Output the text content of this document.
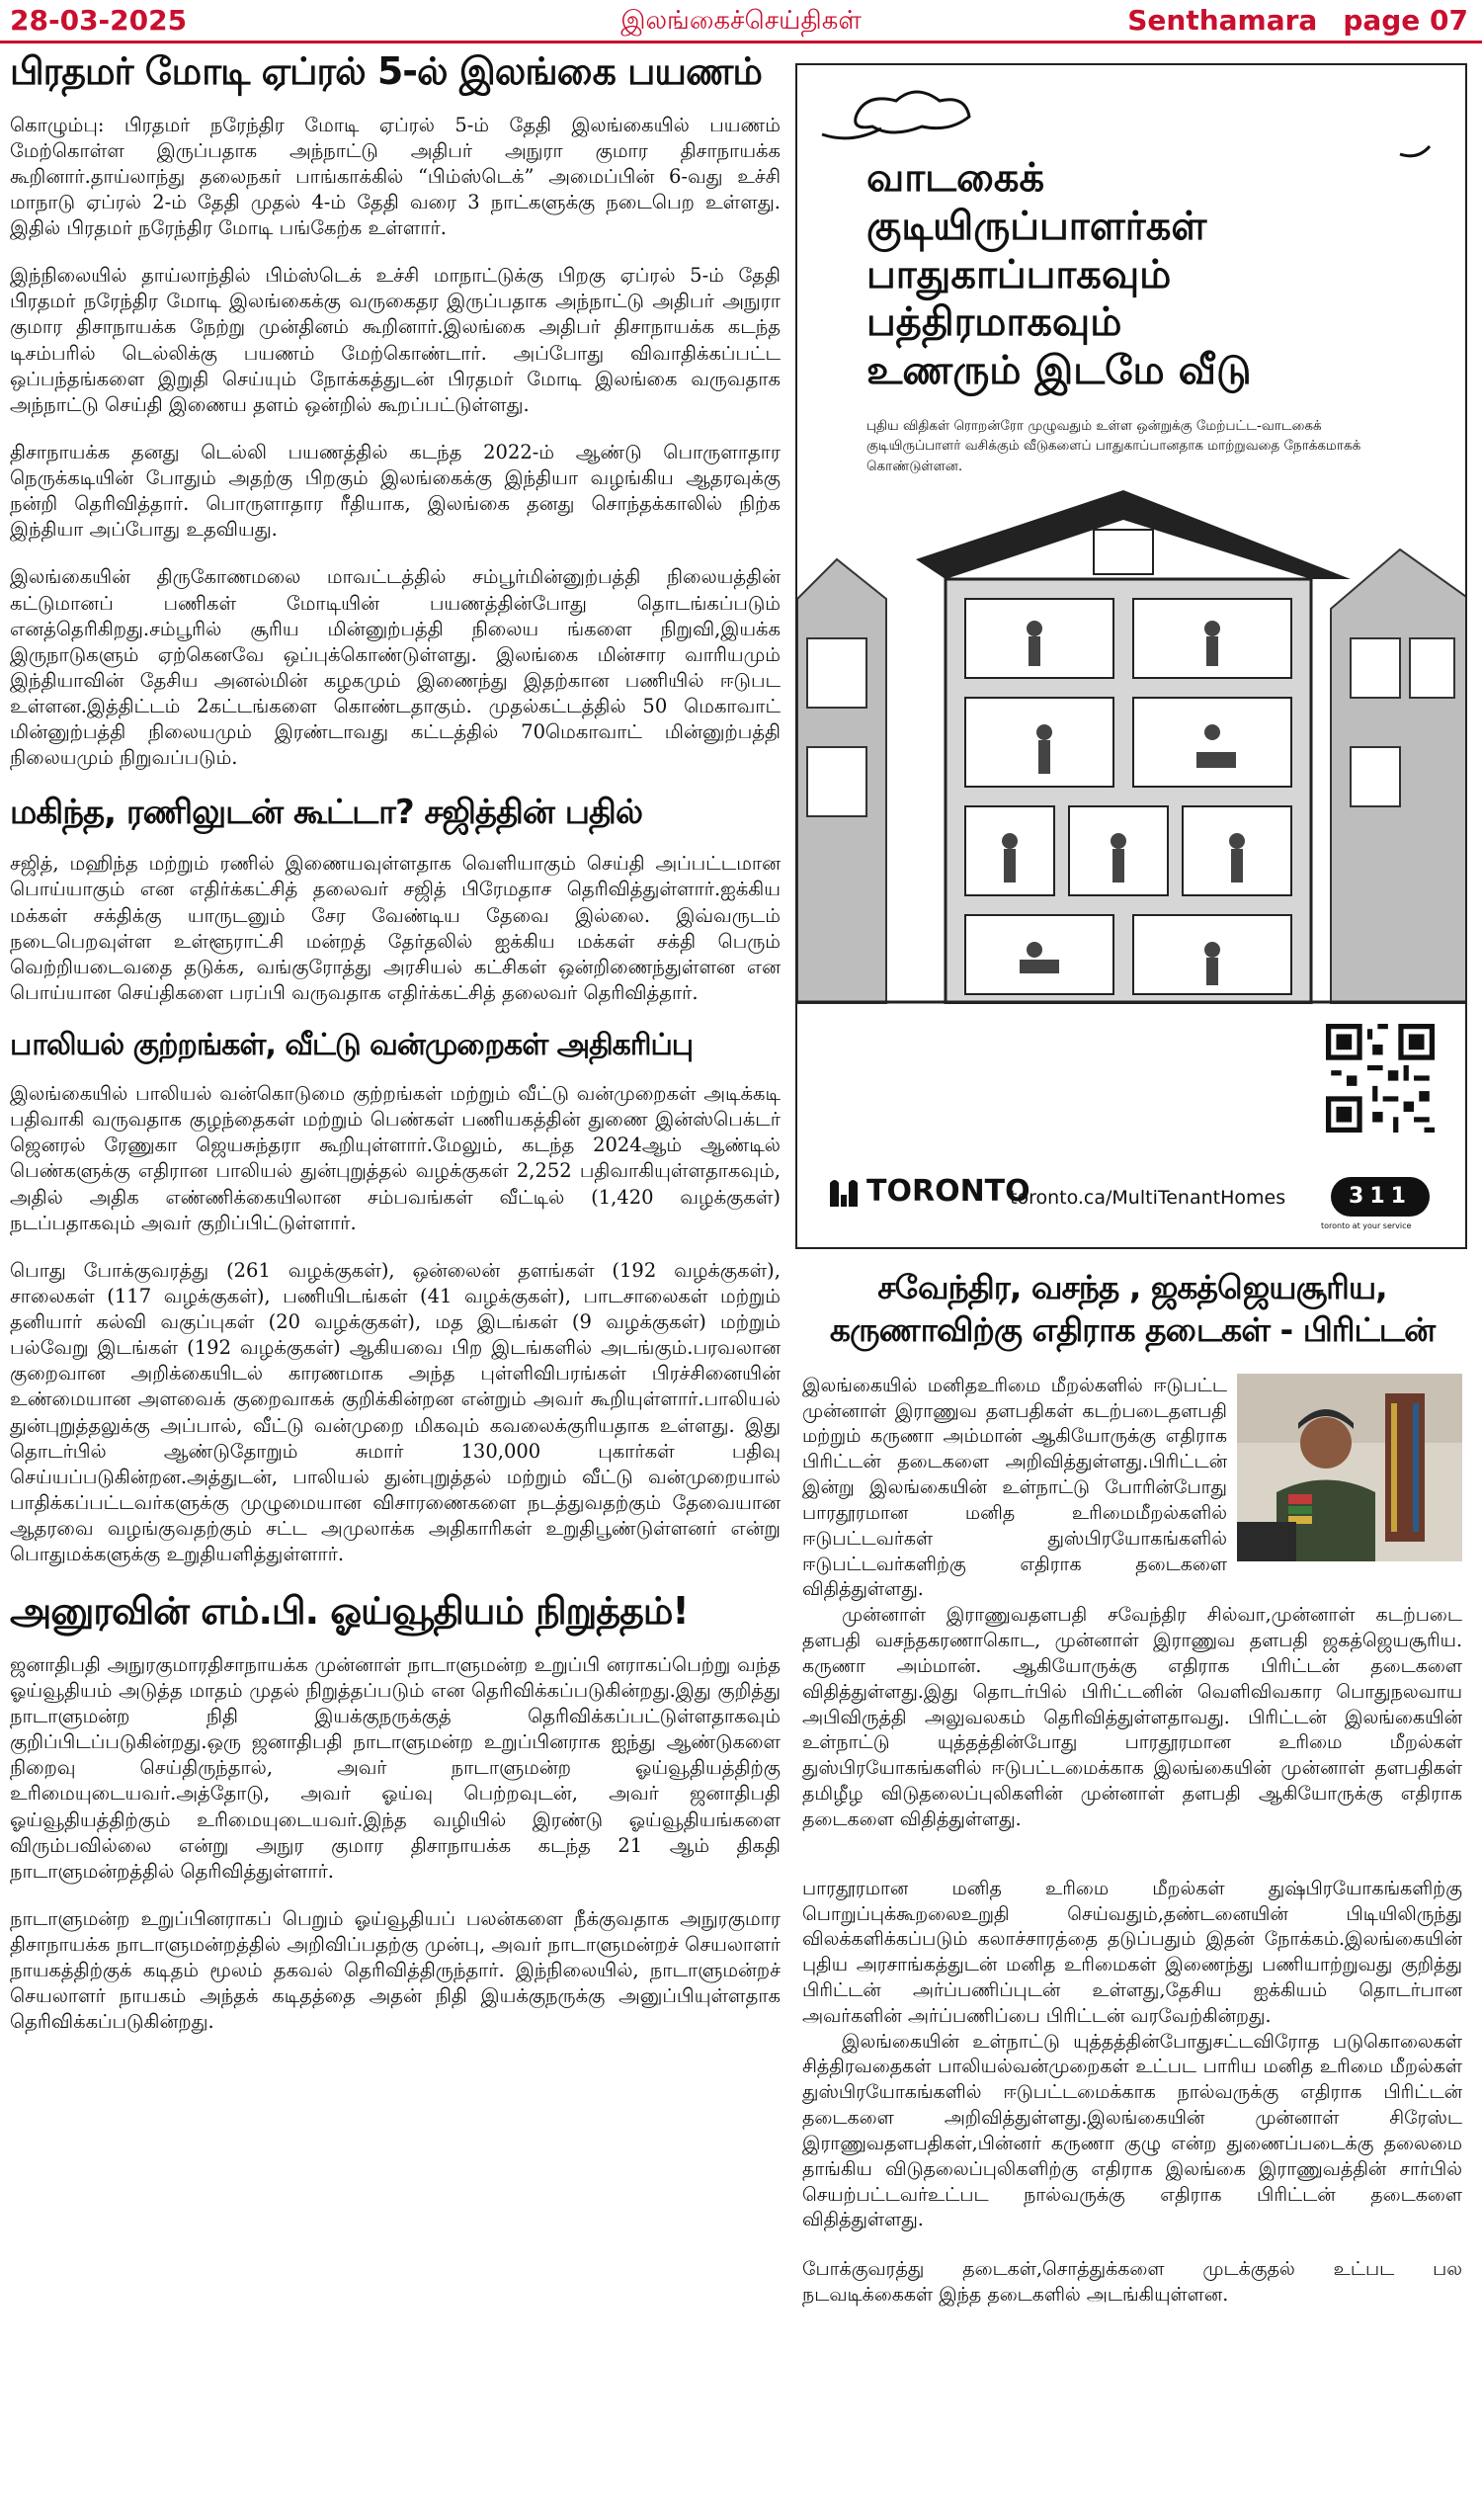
28-03-2025	இலங்கைச்செய்திகள்	Senthamara page 07
பிரதமர் மோடி ஏப்ரல் 5-ல் இலங்கை பயணம்

கொழும்பு: பிரதமர் நரேந்திர மோடி ஏப்ரல் 5-ம் தேதி இலங்கையில் பயணம் மேற்கொள்ள இருப்பதாக அந்நாட்டு அதிபர் அநுரா குமார திசாநாயக்க கூறினார்.தாய்லாந்து தலைநகர் பாங்காக்கில் “பிம்ஸ்டெக்” அமைப்பின் 6-வது உச்சி மாநாடு ஏப்ரல் 2-ம் தேதி முதல் 4-ம் தேதி வரை 3 நாட்களுக்கு நடைபெற உள்ளது. இதில் பிரதமர் நரேந்திர மோடி பங்கேற்க உள்ளார்.

இந்நிலையில் தாய்லாந்தில் பிம்ஸ்டெக் உச்சி மாநாட்டுக்கு பிறகு ஏப்ரல் 5-ம் தேதி பிரதமர் நரேந்திர மோடி இலங்கைக்கு வருகைதர இருப்பதாக அந்நாட்டு அதிபர் அநுரா குமார திசாநாயக்க நேற்று முன்தினம் கூறினார்.இலங்கை அதிபர் திசாநாயக்க கடந்த டிசம்பரில் டெல்லிக்கு பயணம் மேற்கொண்டார். அப்போது விவாதிக்கப்பட்ட ஒப்பந்தங்களை இறுதி செய்யும் நோக்கத்துடன் பிரதமர் மோடி இலங்கை வருவதாக அந்நாட்டு செய்தி இணைய தளம் ஒன்றில் கூறப்பட்டுள்ளது.

திசாநாயக்க தனது டெல்லி பயணத்தில் கடந்த 2022-ம் ஆண்டு பொருளாதார நெருக்கடியின் போதும் அதற்கு பிறகும் இலங்கைக்கு இந்தியா வழங்கிய ஆதரவுக்கு நன்றி தெரிவித்தார். பொருளாதார ரீதியாக, இலங்கை தனது சொந்தக்காலில் நிற்க இந்தியா அப்போது உதவியது.

இலங்கையின் திருகோணமலை மாவட்டத்தில் சம்பூர்மின்னுற்பத்தி நிலையத்தின் கட்டுமானப் பணிகள் மோடியின் பயணத்தின்போது தொடங்கப்படும் எனத்தெரிகிறது.சம்பூரில் சூரிய மின்னுற்பத்தி நிலைய ங்களை நிறுவி,இயக்க இருநாடுகளும் ஏற்கெனவே ஒப்புக்கொண்டுள்ளது. இலங்கை மின்சார வாரியமும் இந்தியாவின் தேசிய அனல்மின் கழகமும் இணைந்து இதற்கான பணியில் ஈடுபட உள்ளன.இத்திட்டம் 2கட்டங்களை கொண்டதாகும். முதல்கட்டத்தில் 50 மெகாவாட் மின்னுற்பத்தி நிலையமும் இரண்டாவது கட்டத்தில் 70மெகாவாட் மின்னுற்பத்தி நிலையமும் நிறுவப்படும்.

மகிந்த, ரணிலுடன் கூட்டா? சஜித்தின் பதில்

சஜித், மஹிந்த மற்றும் ரணில் இணையவுள்ளதாக வெளியாகும் செய்தி அப்பட்டமான பொய்யாகும் என எதிர்க்கட்சித் தலைவர் சஜித் பிரேமதாச தெரிவித்துள்ளார்.ஐக்கிய மக்கள் சக்திக்கு யாருடனும் சேர வேண்டிய தேவை இல்லை. இவ்வருடம் நடைபெறவுள்ள உள்ளூராட்சி மன்றத் தேர்தலில் ஐக்கிய மக்கள் சக்தி பெரும் வெற்றியடைவதை தடுக்க, வங்குரோத்து அரசியல் கட்சிகள் ஒன்றிணைந்துள்ளன என பொய்யான செய்திகளை பரப்பி வருவதாக எதிர்க்கட்சித் தலைவர் தெரிவித்தார்.

பாலியல் குற்றங்கள், வீட்டு வன்முறைகள் அதிகரிப்பு

இலங்கையில் பாலியல் வன்கொடுமை குற்றங்கள் மற்றும் வீட்டு வன்முறைகள் அடிக்கடி பதிவாகி வருவதாக குழந்தைகள் மற்றும் பெண்கள் பணியகத்தின் துணை இன்ஸ்பெக்டர் ஜெனரல் ரேணுகா ஜெயசுந்தரா கூறியுள்ளார்.மேலும், கடந்த 2024ஆம் ஆண்டில் பெண்களுக்கு எதிரான பாலியல் துன்புறுத்தல் வழக்குகள் 2,252 பதிவாகியுள்ளதாகவும், அதில் அதிக எண்ணிக்கையிலான சம்பவங்கள் வீட்டில் (1,420 வழக்குகள்) நடப்பதாகவும் அவர் குறிப்பிட்டுள்ளார்.

பொது போக்குவரத்து (261 வழக்குகள்), ஒன்லைன் தளங்கள் (192 வழக்குகள்), சாலைகள் (117 வழக்குகள்), பணியிடங்கள் (41 வழக்குகள்), பாடசாலைகள் மற்றும் தனியார் கல்வி வகுப்புகள் (20 வழக்குகள்), மத இடங்கள் (9 வழக்குகள்) மற்றும் பல்வேறு இடங்கள் (192 வழக்குகள்) ஆகியவை பிற இடங்களில் அடங்கும்.பரவலான குறைவான அறிக்கையிடல் காரணமாக அந்த புள்ளிவிபரங்கள் பிரச்சினையின் உண்மையான அளவைக் குறைவாகக் குறிக்கின்றன என்றும் அவர் கூறியுள்ளார்.பாலியல் துன்புறுத்தலுக்கு அப்பால், வீட்டு வன்முறை மிகவும் கவலைக்குரியதாக உள்ளது. இது தொடர்பில் ஆண்டுதோறும் சுமார் 130,000 புகார்கள் பதிவு செய்யப்படுகின்றன.அத்துடன், பாலியல் துன்புறுத்தல் மற்றும் வீட்டு வன்முறையால் பாதிக்கப்பட்டவர்களுக்கு முழுமையான விசாரணைகளை நடத்துவதற்கும் தேவையான ஆதரவை வழங்குவதற்கும் சட்ட அமுலாக்க அதிகாரிகள் உறுதிபூண்டுள்ளனர் என்று பொதுமக்களுக்கு உறுதியளித்துள்ளார்.

அனுரவின் எம்.பி. ஓய்வூதியம் நிறுத்தம்!

ஜனாதிபதி அநுரகுமாரதிசாநாயக்க முன்னாள் நாடாளுமன்ற உறுப்பி னராகப்பெற்று வந்த ஓய்வூதியம் அடுத்த மாதம் முதல் நிறுத்தப்படும் என தெரிவிக்கப்படுகின்றது.இது குறித்து நாடாளுமன்ற நிதி இயக்குநருக்குத் தெரிவிக்கப்பட்டுள்ளதாகவும் குறிப்பிடப்படுகின்றது.ஒரு ஜனாதிபதி நாடாளுமன்ற உறுப்பினராக ஐந்து ஆண்டுகளை நிறைவு செய்திருந்தால், அவர் நாடாளுமன்ற ஓய்வூதியத்திற்கு உரிமையுடையவர்.அத்தோடு, அவர் ஓய்வு பெற்றவுடன், அவர் ஜனாதிபதி ஓய்வூதியத்திற்கும் உரிமையுடையவர்.இந்த வழியில் இரண்டு ஓய்வூதியங்களை விரும்பவில்லை என்று அநுர குமார திசாநாயக்க கடந்த 21 ஆம் திகதி நாடாளுமன்றத்தில் தெரிவித்துள்ளார்.

நாடாளுமன்ற உறுப்பினராகப் பெறும் ஓய்வூதியப் பலன்களை நீக்குவதாக அநுரகுமார திசாநாயக்க நாடாளுமன்றத்தில் அறிவிப்பதற்கு முன்பு, அவர் நாடாளுமன்றச் செயலாளர் நாயகத்திற்குக் கடிதம் மூலம் தகவல் தெரிவித்திருந்தார். இந்நிலையில், நாடாளுமன்றச் செயலாளர் நாயகம் அந்தக் கடிதத்தை அதன் நிதி இயக்குநருக்கு அனுப்பியுள்ளதாக தெரிவிக்கப்படுகின்றது.

வாடகைக்
குடியிருப்பாளர்கள்
பாதுகாப்பாகவும்
பத்திரமாகவும்
உணரும் இடமே வீடு
புதிய விதிகள் ரொறன்ரோ முழுவதும் உள்ள ஒன்றுக்கு மேற்பட்ட-வாடகைக் குடியிருப்பாளர் வசிக்கும் வீடுகளைப் பாதுகாப்பானதாக மாற்றுவதை நோக்கமாகக் கொண்டுள்ளன.
TORONTO
toronto.ca/MultiTenantHomes	311
toronto at your service
சவேந்திர, வசந்த , ஜகத்ஜெயசூரிய, கருணாவிற்கு எதிராக தடைகள் - பிரிட்டன்

இலங்கையில் மனிதஉரிமை மீறல்களில் ஈடுபட்ட முன்னாள் இராணுவ தளபதிகள் கடற்படைதளபதி மற்றும் கருணா அம்மான் ஆகியோருக்கு எதிராக பிரிட்டன் தடைகளை அறிவித்துள்ளது.பிரிட்டன் இன்று இலங்கையின் உள்நாட்டு போரின்போது பாரதூரமான மனித உரிமைமீறல்களில் ஈடுபட்டவர்கள் துஸ்பிரயோகங்களில் ஈடுபட்டவர்களிற்கு எதிராக தடைகளை விதித்துள்ளது.

முன்னாள் இராணுவதளபதி சவேந்திர சில்வா,முன்னாள் கடற்படை தளபதி வசந்தகரணாகொட, முன்னாள் இராணுவ தளபதி ஜகத்ஜெயசூரிய. கருணா அம்மான். ஆகியோருக்கு எதிராக பிரிட்டன் தடைகளை விதித்துள்ளது.இது தொடர்பில் பிரிட்டனின் வெளிவிவகார பொதுநலவாய அபிவிருத்தி அலுவலகம் தெரிவித்துள்ளதாவது. பிரிட்டன் இலங்கையின் உள்நாட்டு யுத்தத்தின்போது பாரதூரமான உரிமை மீறல்கள் துஸ்பிரயோகங்களில் ஈடுபட்டமைக்காக இலங்கையின் முன்னாள் தளபதிகள் தமிழீழ விடுதலைப்புலிகளின் முன்னாள் தளபதி ஆகியோருக்கு எதிராக தடைகளை விதித்துள்ளது.

பாரதூரமான மனித உரிமை மீறல்கள் துஷ்பிரயோகங்களிற்கு பொறுப்புக்கூறலைஉறுதி செய்வதும்,தண்டனையின் பிடியிலிருந்து விலக்களிக்கப்படும் கலாச்சாரத்தை தடுப்பதும் இதன் நோக்கம்.இலங்கையின் புதிய அரசாங்கத்துடன் மனித உரிமைகள் இணைந்து பணியாற்றுவது குறித்து பிரிட்டன் அர்ப்பணிப்புடன் உள்ளது,தேசிய ஐக்கியம் தொடர்பான அவர்களின் அர்ப்பணிப்பை பிரிட்டன் வரவேற்கின்றது.

இலங்கையின் உள்நாட்டு யுத்தத்தின்போதுசட்டவிரோத படுகொலைகள் சித்திரவதைகள் பாலியல்வன்முறைகள் உட்பட பாரிய மனித உரிமை மீறல்கள் துஸ்பிரயோகங்களில் ஈடுபட்டமைக்காக நால்வருக்கு எதிராக பிரிட்டன் தடைகளை அறிவித்துள்ளது.இலங்கையின் முன்னாள் சிரேஸ்ட இராணுவதளபதிகள்,பின்னர் கருணா குழு என்ற துணைப்படைக்கு தலைமை தாங்கிய விடுதலைப்புலிகளிற்கு எதிராக இலங்கை இராணுவத்தின் சார்பில் செயற்பட்டவர்உட்பட நால்வருக்கு எதிராக பிரிட்டன் தடைகளை விதித்துள்ளது.

போக்குவரத்து தடைகள்,சொத்துக்களை முடக்குதல் உட்பட பல நடவடிக்கைகள் இந்த தடைகளில் அடங்கியுள்ளன.
